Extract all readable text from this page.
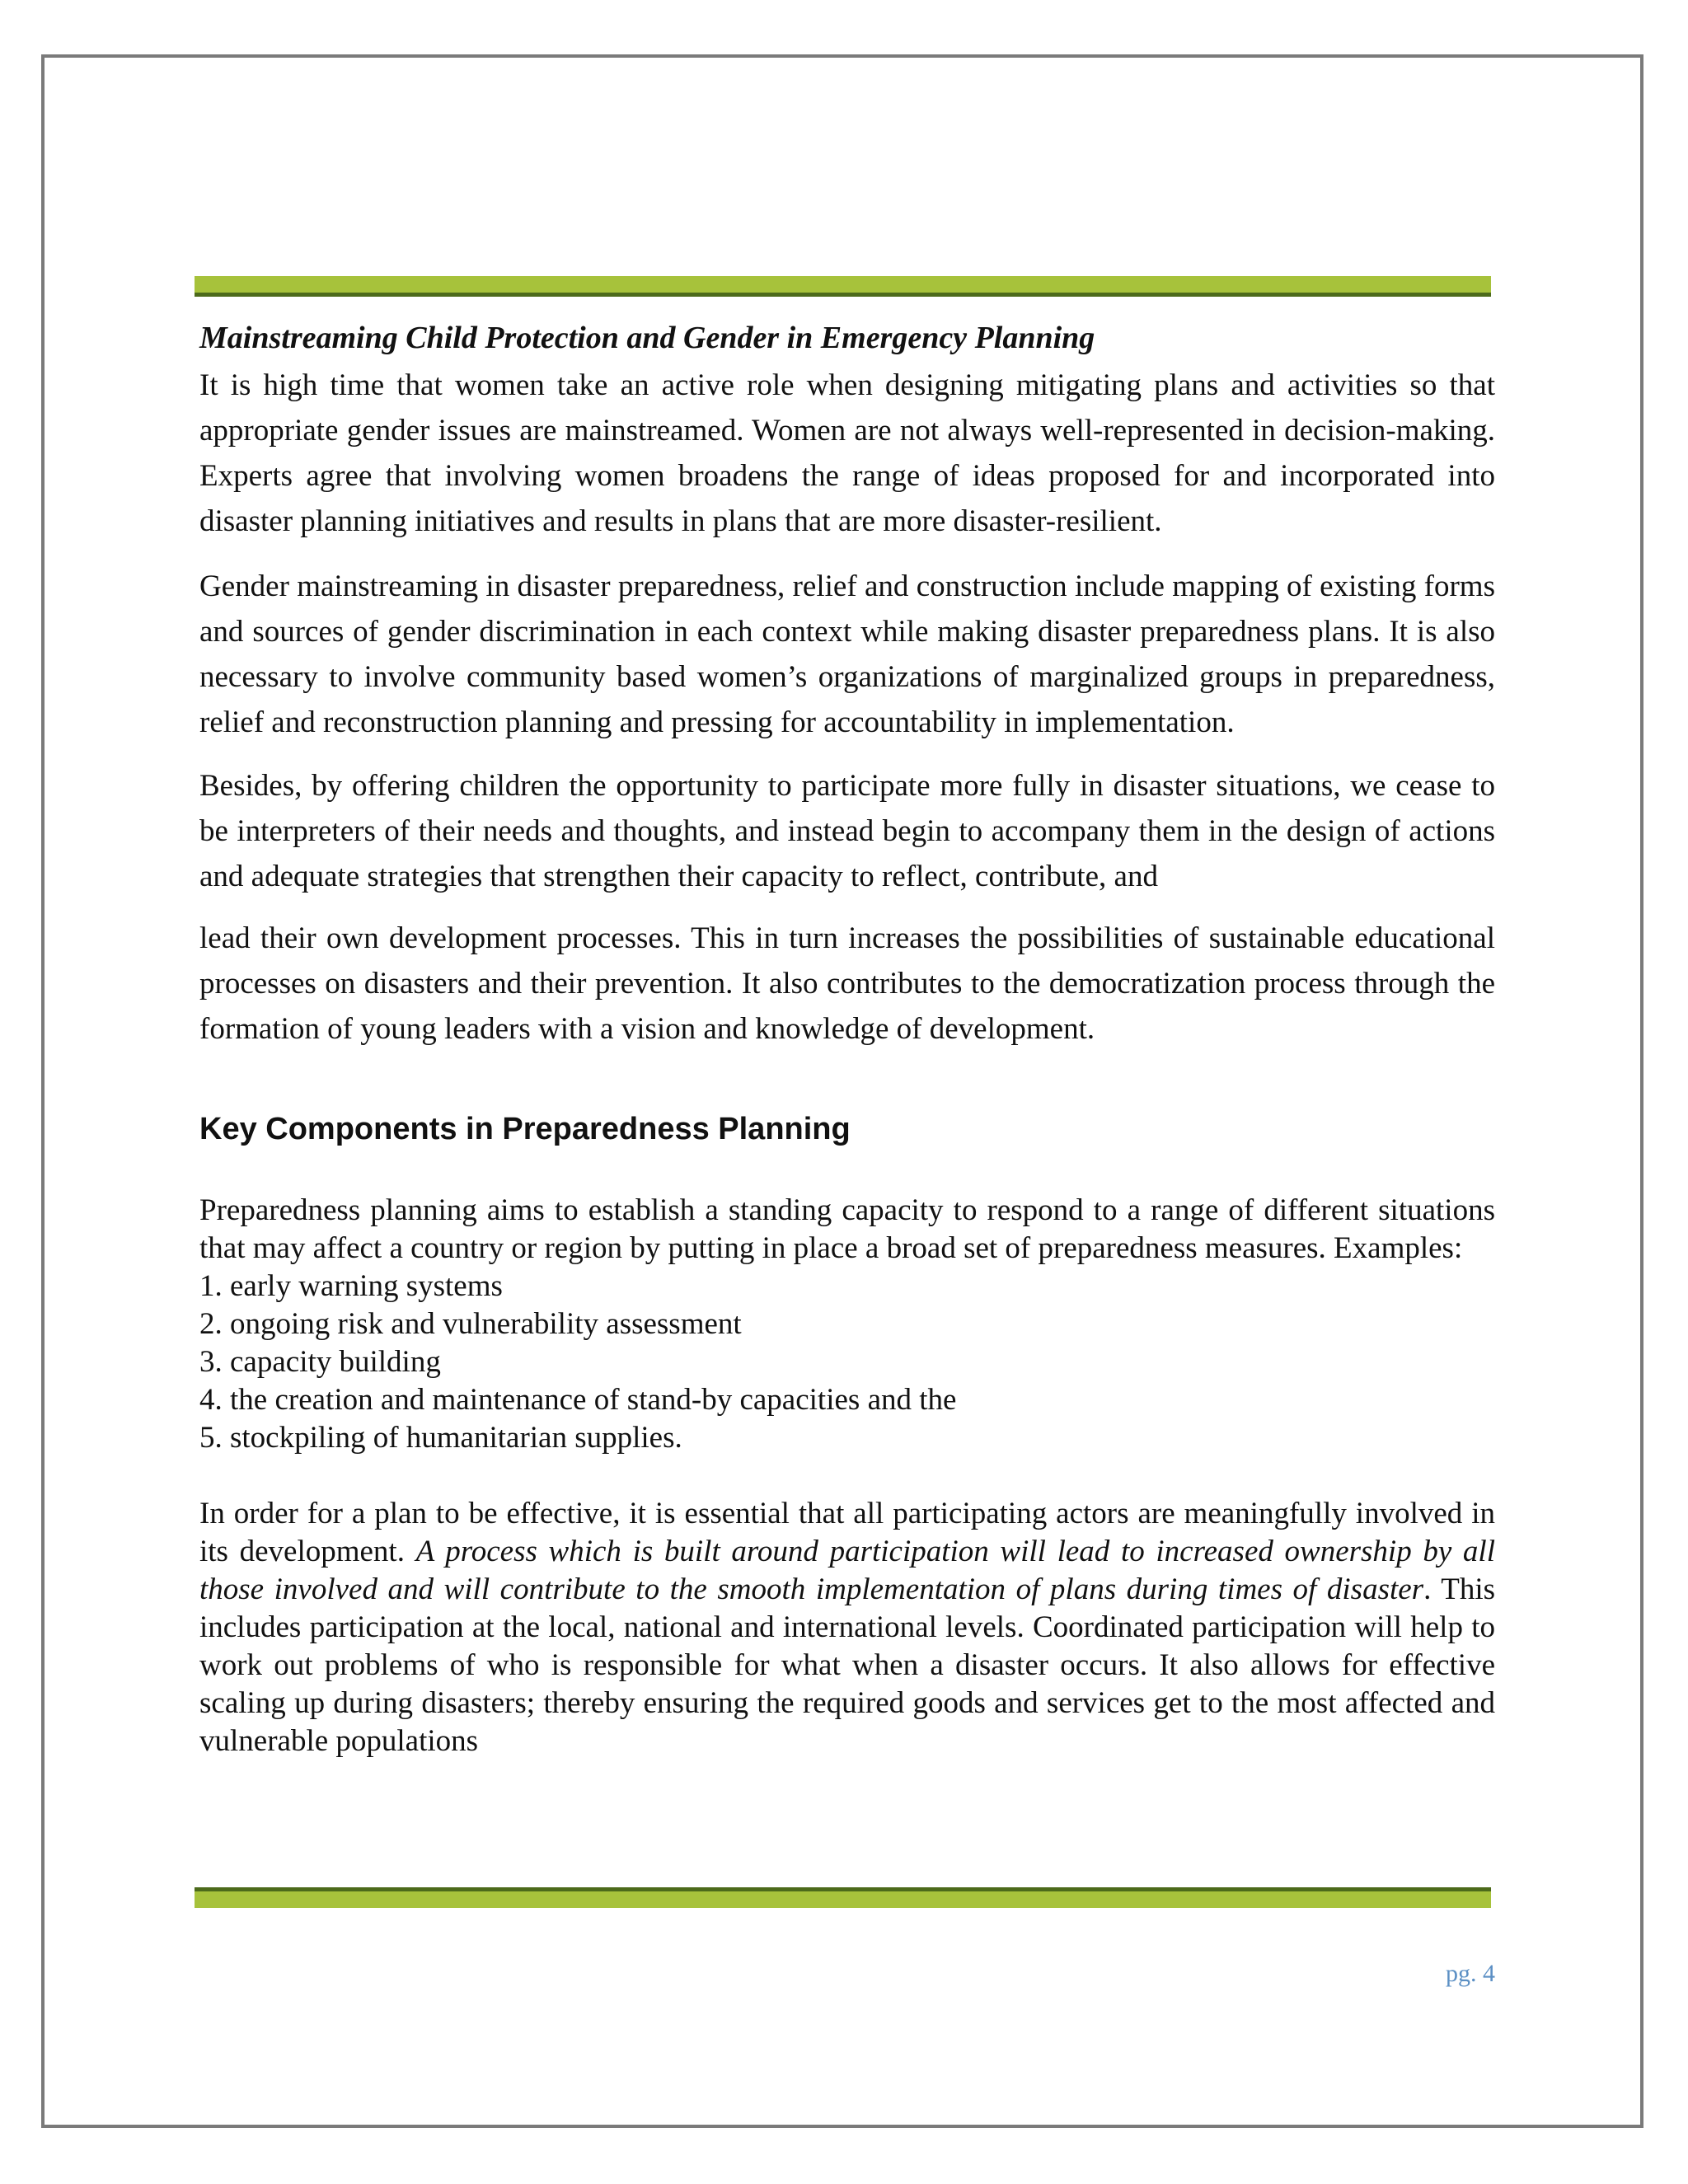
Mainstreaming Child Protection and Gender in Emergency Planning

It is high time that women take an active role when designing mitigating plans and activities so that appropriate gender issues are mainstreamed. Women are not always well-represented in decision-making. Experts agree that involving women broadens the range of ideas proposed for and incorporated into disaster planning initiatives and results in plans that are more disaster-resilient.

Gender mainstreaming in disaster preparedness, relief and construction include mapping of existing forms and sources of gender discrimination in each context while making disaster preparedness plans. It is also necessary to involve community based women’s organizations of marginalized groups in preparedness, relief and reconstruction planning and pressing for accountability in implementation.

Besides, by offering children the opportunity to participate more fully in disaster situations, we cease to be interpreters of their needs and thoughts, and instead begin to accompany them in the design of actions and adequate strategies that strengthen their capacity to reflect, contribute, and

lead their own development processes. This in turn increases the possibilities of sustainable educational processes on disasters and their prevention. It also contributes to the democratization process through the formation of young leaders with a vision and knowledge of development.

Key Components in Preparedness Planning

Preparedness planning aims to establish a standing capacity to respond to a range of different situations that may affect a country or region by putting in place a broad set of preparedness measures. Examples:

1. early warning systems
2. ongoing risk and vulnerability assessment
3. capacity building
4. the creation and maintenance of stand-by capacities and the
5. stockpiling of humanitarian supplies.

In order for a plan to be effective, it is essential that all participating actors are meaningfully involved in its development. A process which is built around participation will lead to increased ownership by all those involved and will contribute to the smooth implementation of plans during times of disaster. This includes participation at the local, national and international levels. Coordinated participation will help to work out problems of who is responsible for what when a disaster occurs. It also allows for effective scaling up during disasters; thereby ensuring the required goods and services get to the most affected and vulnerable populations

pg. 4
